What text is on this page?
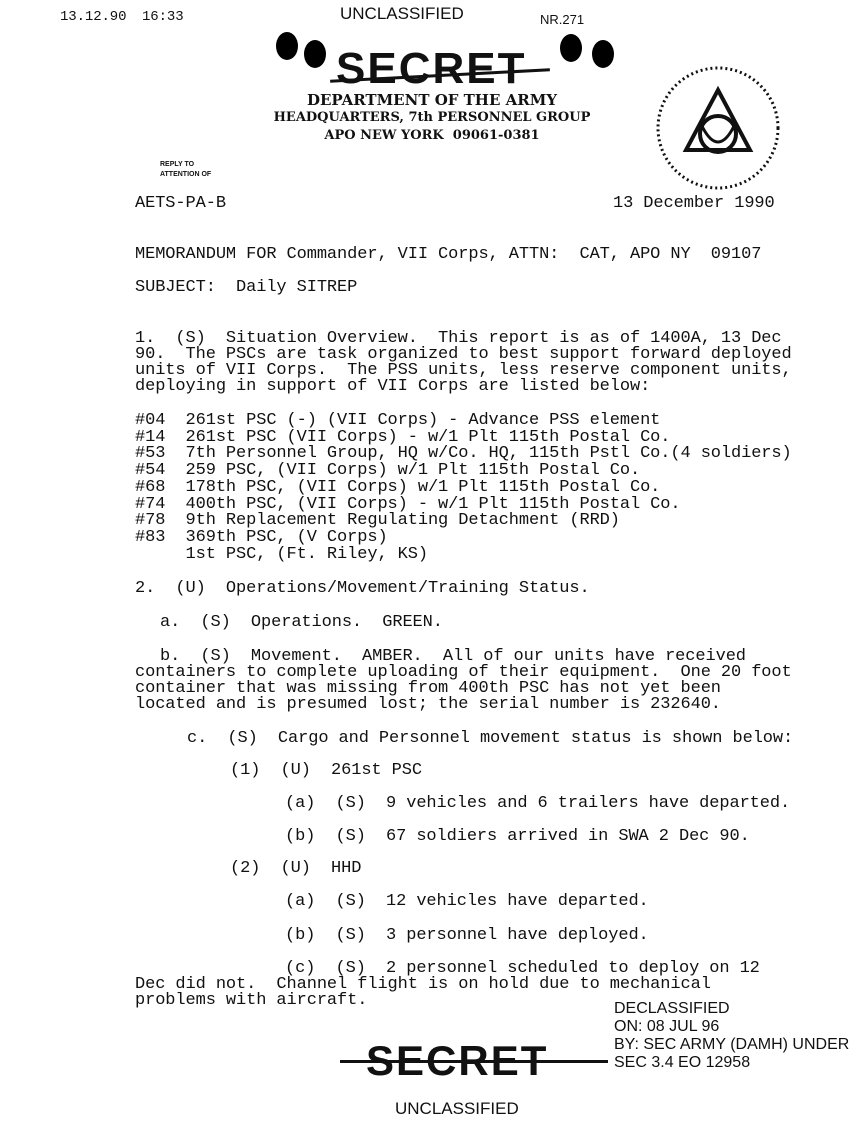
13.12.90 16:33	UNCLASSIFIED	NR.271
SECRET
DEPARTMENT OF THE ARMY
HEADQUARTERS, 7th PERSONNEL GROUP
APO NEW YORK  09061-0381
REPLY TO
ATTENTION OF
AETS-PA-B	13 December 1990
MEMORANDUM FOR Commander, VII Corps, ATTN:  CAT, APO NY  09107
SUBJECT:  Daily SITREP
1.  (S)  Situation Overview.  This report is as of 1400A, 13 Dec
90.  The PSCs are task organized to best support forward deployed
units of VII Corps.  The PSS units, less reserve component units,
deploying in support of VII Corps are listed below:
#04  261st PSC (-) (VII Corps) - Advance PSS element
#14  261st PSC (VII Corps) - w/1 Plt 115th Postal Co.
#53  7th Personnel Group, HQ w/Co. HQ, 115th Pstl Co.(4 soldiers)
#54  259 PSC, (VII Corps) w/1 Plt 115th Postal Co.
#68  178th PSC, (VII Corps) w/1 Plt 115th Postal Co.
#74  400th PSC, (VII Corps) - w/1 Plt 115th Postal Co.
#78  9th Replacement Regulating Detachment (RRD)
#83  369th PSC, (V Corps)
1st PSC, (Ft. Riley, KS)
2.  (U)  Operations/Movement/Training Status.
a.  (S)  Operations.  GREEN.
b.  (S)  Movement.  AMBER.  All of our units have received
containers to complete uploading of their equipment.  One 20 foot
container that was missing from 400th PSC has not yet been
located and is presumed lost; the serial number is 232640.
c.  (S)  Cargo and Personnel movement status is shown below:
(1)  (U)  261st PSC
(a)  (S)  9 vehicles and 6 trailers have departed.
(b)  (S)  67 soldiers arrived in SWA 2 Dec 90.
(2)  (U)  HHD
(a)  (S)  12 vehicles have departed.
(b)  (S)  3 personnel have deployed.
(c)  (S)  2 personnel scheduled to deploy on 12
Dec did not.  Channel flight is on hold due to mechanical
problems with aircraft.	DECLASSIFIED
ON: 08 JUL 96
BY: SEC ARMY (DAMH) UNDER
SEC 3.4 EO 12958
SECRET
UNCLASSIFIED
